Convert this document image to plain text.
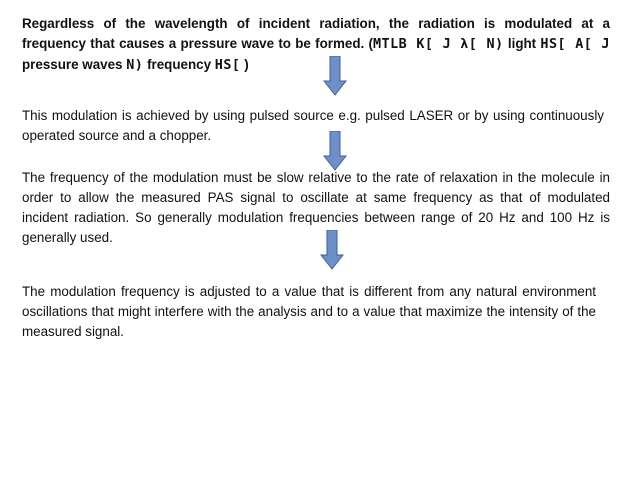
Regardless of the wavelength of incident radiation, the radiation is modulated at a frequency that causes a pressure wave to be formed. (MTLB K[ J λ[ N) light HS[ A[ J pressure waves N) frequency HS[ )

This modulation is achieved by using pulsed source e.g. pulsed LASER or by using continuously operated source and a chopper.

The frequency of the modulation must be slow relative to the rate of relaxation in the molecule in order to allow the measured PAS signal to oscillate at same frequency as that of modulated incident radiation. So generally modulation frequencies between range of 20 Hz and 100 Hz is generally used.

The modulation frequency is adjusted to a value that is different from any natural environment oscillations that might interfere with the analysis and to a value that maximize the intensity of the measured signal.
